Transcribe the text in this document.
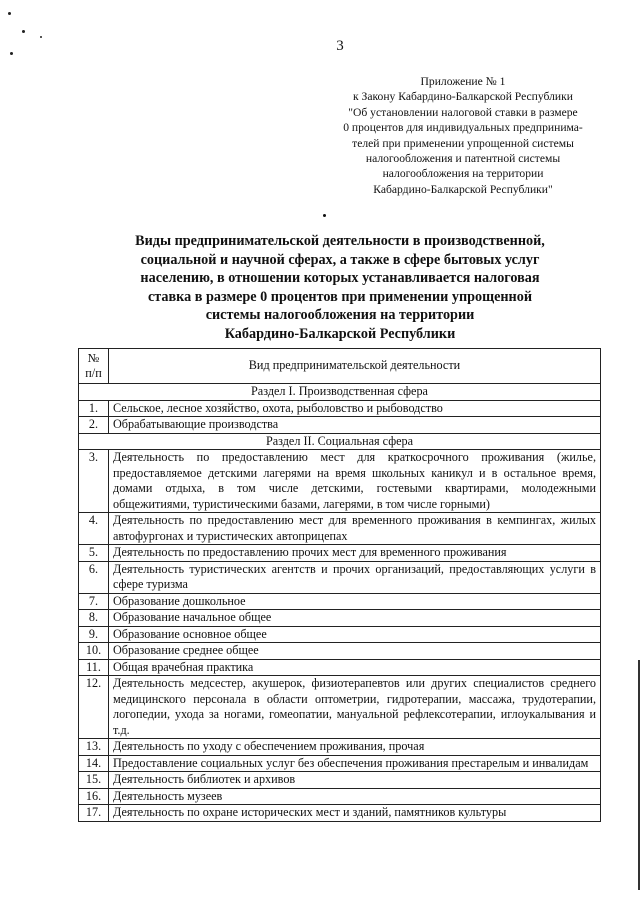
3
Приложение № 1
к Закону Кабардино-Балкарской Республики
"Об установлении налоговой ставки в размере
0 процентов для индивидуальных предпринима-
телей при применении упрощенной системы
налогообложения и патентной системы
налогообложения на территории
Кабардино-Балкарской Республики"
Виды предпринимательской деятельности в производственной,
социальной и научной сферах, а также в сфере бытовых услуг
населению, в отношении которых устанавливается налоговая
ставка в размере 0 процентов при применении упрощенной
системы налогообложения на территории
Кабардино-Балкарской Республики
№
п/п	Вид предпринимательской деятельности
Раздел I. Производственная сфера	
1.	Сельское, лесное хозяйство, охота, рыболовство и рыбоводство
2.	Обрабатывающие производства
Раздел II. Социальная сфера	
3.	Деятельность по предоставлению мест для краткосрочного проживания (жилье, предоставляемое детскими лагерями на время школьных каникул и в остальное время, домами отдыха, в том числе детскими, гостевыми квартирами, молодежными общежитиями, туристическими базами, лагерями, в том числе горными)
4.	Деятельность по предоставлению мест для временного проживания в кемпингах, жилых автофургонах и туристических автоприцепах
5.	Деятельность по предоставлению прочих мест для временного проживания
6.	Деятельность туристических агентств и прочих организаций, предоставляющих услуги в сфере туризма
7.	Образование дошкольное
8.	Образование начальное общее
9.	Образование основное общее
10.	Образование среднее общее
11.	Общая врачебная практика
12.	Деятельность медсестер, акушерок, физиотерапевтов или других специалистов среднего медицинского персонала в области оптометрии, гидротерапии, массажа, трудотерапии, логопедии, ухода за ногами, гомеопатии, мануальной рефлексотерапии, иглоукалывания и т.д.
13.	Деятельность по уходу с обеспечением проживания, прочая
14.	Предоставление социальных услуг без обеспечения проживания престарелым и инвалидам
15.	Деятельность библиотек и архивов
16.	Деятельность музеев
17.	Деятельность по охране исторических мест и зданий, памятников культуры
